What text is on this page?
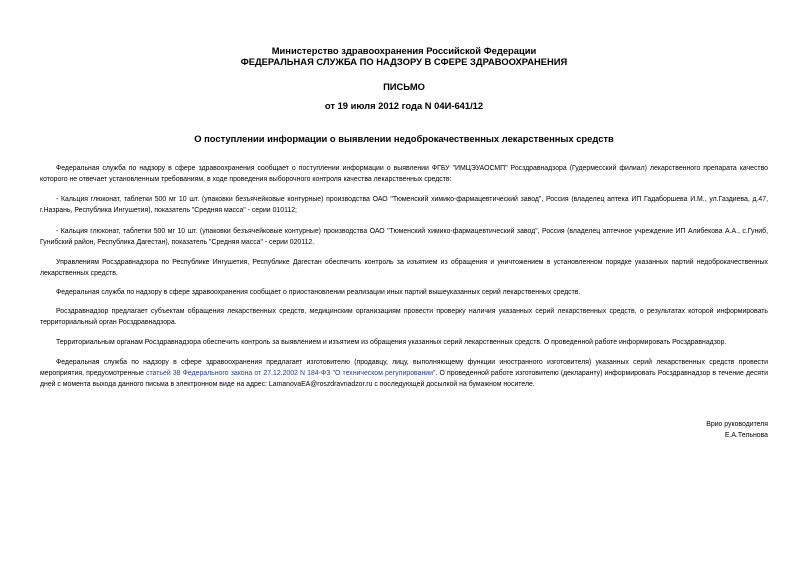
Министерство здравоохранения Российской Федерации
ФЕДЕРАЛЬНАЯ СЛУЖБА ПО НАДЗОРУ В СФЕРЕ ЗДРАВООХРАНЕНИЯ
ПИСЬМО
от 19 июля 2012 года N 04И-641/12
О поступлении информации о выявлении недоброкачественных лекарственных средств
Федеральная служба по надзору в сфере здравоохранения сообщает о поступлении информации о выявлении ФГБУ "ИМЦЭУАОСМП" Росздравнадзора (Гудермесский филиал) лекарственного препарата качество которого не отвечает установленным требованиям, в ходе проведения выборочного контроля качества лекарственных средств:
- Кальция глюконат, таблетки 500 мг 10 шт. (упаковки безъячейковые контурные) производства ОАО "Тюменский химико-фармацевтический завод", Россия (владелец аптека ИП Гадаборшева И.М., ул.Газдиева, д.47, г.Назрань, Республика Ингушетия), показатель "Средняя масса" - серии 010112;
- Кальция глюконат, таблетки 500 мг 10 шт. (упаковки безъячейковые контурные) производства ОАО "Тюменский химико-фармацевтический завод", Россия (владелец аптечное учреждение ИП Алибекова А.А., с.Гуниб, Гунибский район, Республика Дагестан), показатель "Средняя масса" - серии 020112.
Управлениям Росздравнадзора по Республике Ингушетия, Республике Дагестан обеспечить контроль за изъятием из обращения и уничтожением в установленном порядке указанных партий недоброкачественных лекарственных средств.
Федеральная служба по надзору в сфере здравоохранения сообщает о приостановлении реализации иных партий вышеуказанных серий лекарственных средств.
Росздравнадзор предлагает субъектам обращения лекарственных средств, медицинским организациям провести проверку наличия указанных серий лекарственных средств, о результатах которой информировать территориальный орган Росздравнадзора.
Территориальным органам Росздравнадзора обеспечить контроль за выявлением и изъятием из обращения указанных серий лекарственных средств. О проведенной работе информировать Росздравнадзор.
Федеральная служба по надзору в сфере здравоохранения предлагает изготовителю (продавцу, лицу, выполняющему функции иностранного изготовителя) указанных серий лекарственных средств провести мероприятия, предусмотренные статьей 38 Федерального закона от 27.12.2002 N 184-ФЗ "О техническом регулировании". О проведенной работе изготовителю (декларанту) информировать Росздравнадзор в течение десяти дней с момента выхода данного письма в электронном виде на адрес: LamanovaEA@roszdravnadzor.ru с последующей досылкой на бумажном носителе.
Врио руководителя
Е.А.Тельнова
